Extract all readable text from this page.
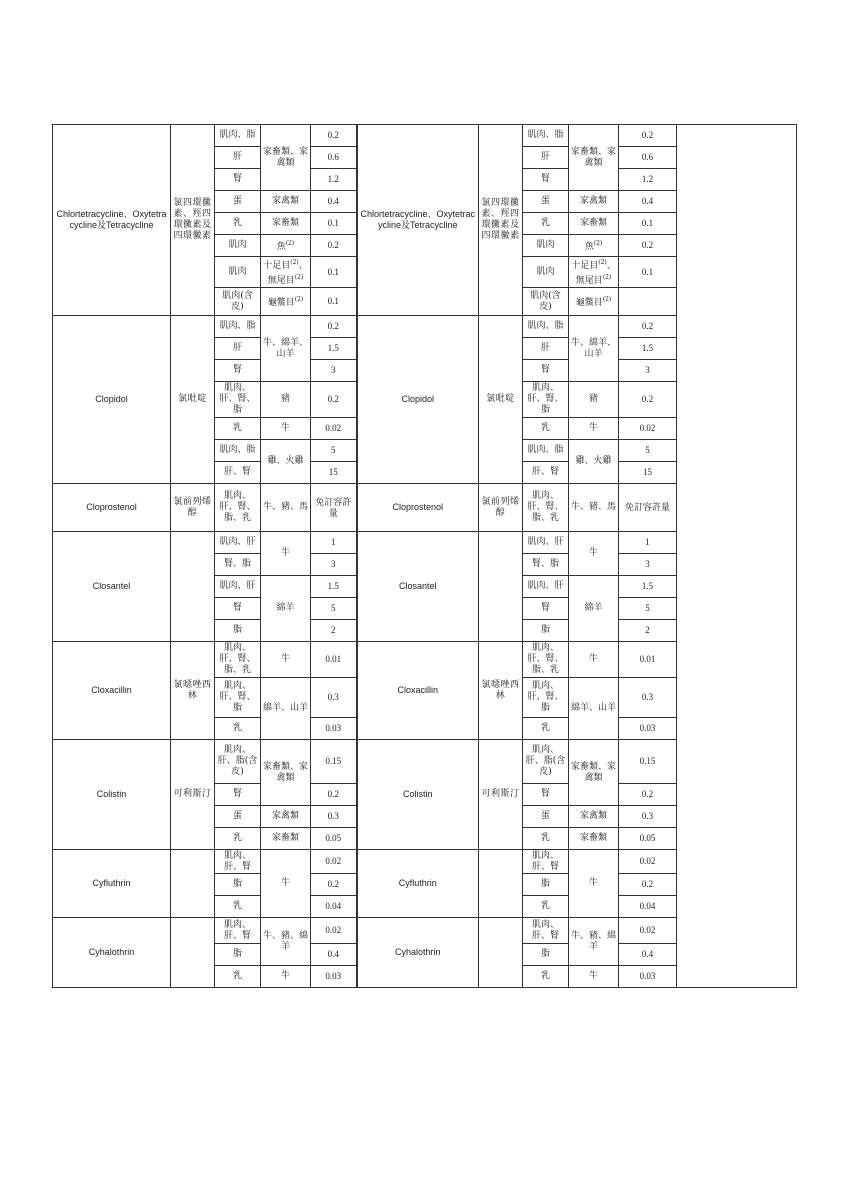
Chlortetracycline、Oxytetracycline及Tetracycline	氯四環黴素、羥四環黴素及四環黴素	肌肉、脂	家畜類、家禽類	0.2	Chlortetracycline、Oxytetracycline及Tetracycline	氯四環黴素、羥四環黴素及四環黴素	肌肉、脂	家畜類、家禽類	0.2	
		肝		0.6			肝		0.6	
		腎		1.2			腎		1.2	
		蛋	家禽類	0.4			蛋	家禽類	0.4	
		乳	家畜類	0.1			乳	家畜類	0.1	
		肌肉	魚$^{(2)}$	0.2			肌肉	魚$^{(2)}$	0.2	
		肌肉	十足目$^{(2)}$、無尾目$^{(2)}$	0.1			肌肉	十足目$^{(2)}$、無尾目$^{(2)}$	0.1	
		肌肉(含皮)	龜鱉目$^{(2)}$	0.1			肌肉(含皮)	龜鱉目$^{(2)}$	
Clopidol	氯吡啶	肌肉、脂	牛、綿羊、山羊	0.2	Clopidol	氯吡啶	肌肉、脂	牛、綿羊、山羊	0.2	
		肝		1.5			肝		1.5	
		腎		3			腎		3	
		肌肉、肝、腎、脂	豬	0.2			肌肉、肝、腎、脂	豬	0.2	
		乳	牛	0.02			乳	牛	0.02	
		肌肉、脂	雞、火雞	5			肌肉、脂	雞、火雞	5	
		肝、腎		15			肝、腎		15	
Cloprostenol	氯前列烯醇	肌肉、肝、腎、脂、乳	牛、豬、馬	免訂容許量	Cloprostenol	氯前列烯醇	肌肉、肝、腎、脂、乳	牛、豬、馬	免訂容許量	
Closantel		肌肉、肝	牛	1	Closantel		肌肉、肝	牛	1	
		腎、脂		3			腎、脂		3	
		肌肉、肝	綿羊	1.5			肌肉、肝	綿羊	1.5	
		腎		5			腎		5	
		脂		2			脂		2	
Cloxacillin	氯噁唑西林	肌肉、肝、腎、脂、乳	牛	0.01	Cloxacillin	氯噁唑西林	肌肉、肝、腎、脂、乳	牛	0.01	
		肌肉、肝、腎、脂	綿羊、山羊	0.3			肌肉、肝、腎、脂	綿羊、山羊	0.3	
		乳		0.03			乳		0.03	
Colistin	可利斯汀	肌肉、肝、脂(含皮)	家畜類、家禽類	0.15	Colistin	可利斯汀	肌肉、肝、脂(含皮)	家畜類、家禽類	0.15	
		腎		0.2			腎		0.2	
		蛋	家禽類	0.3			蛋	家禽類	0.3	
		乳	家畜類	0.05			乳	家畜類	0.05	
Cyfluthrin		肌肉、肝、腎	牛	0.02	Cyfluthrin		肌肉、肝、腎	牛	0.02	
		脂		0.2			脂		0.2	
		乳		0.04			乳		0.04	
Cyhalothrin		肌肉、肝、腎	牛、豬、綿羊	0.02	Cyhalothrin		肌肉、肝、腎	牛、豬、綿羊	0.02	
		脂		0.4			脂		0.4	
		乳	牛	0.03			乳	牛	0.03	
